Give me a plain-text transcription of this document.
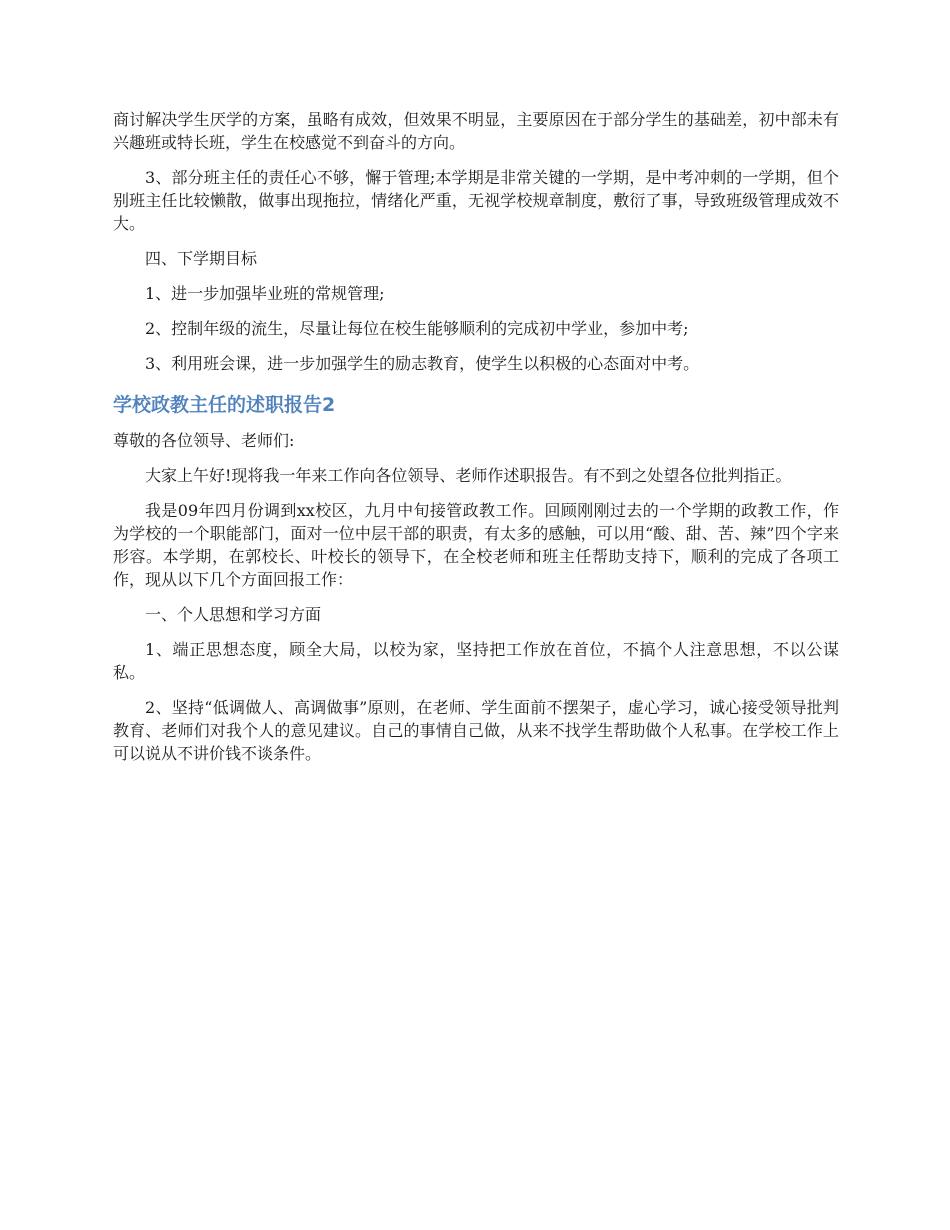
商讨解决学生厌学的方案，虽略有成效，但效果不明显，主要原因在于部分学生的基础差，初中部未有兴趣班或特长班，学生在校感觉不到奋斗的方向。

3、部分班主任的责任心不够，懈于管理;本学期是非常关键的一学期，是中考冲刺的一学期，但个别班主任比较懒散，做事出现拖拉，情绪化严重，无视学校规章制度，敷衍了事，导致班级管理成效不大。

四、下学期目标

1、进一步加强毕业班的常规管理;

2、控制年级的流生，尽量让每位在校生能够顺利的完成初中学业，参加中考;

3、利用班会课，进一步加强学生的励志教育，使学生以积极的心态面对中考。

学校政教主任的述职报告2

尊敬的各位领导、老师们:

大家上午好!现将我一年来工作向各位领导、老师作述职报告。有不到之处望各位批判指正。

我是09年四月份调到xx校区，九月中旬接管政教工作。回顾刚刚过去的一个学期的政教工作，作为学校的一个职能部门，面对一位中层干部的职责，有太多的感触，可以用“酸、甜、苦、辣”四个字来形容。本学期，在郭校长、叶校长的领导下，在全校老师和班主任帮助支持下，顺利的完成了各项工作，现从以下几个方面回报工作：

一、个人思想和学习方面

1、端正思想态度，顾全大局，以校为家，坚持把工作放在首位，不搞个人注意思想，不以公谋私。

2、坚持“低调做人、高调做事”原则，在老师、学生面前不摆架子，虚心学习，诚心接受领导批判教育、老师们对我个人的意见建议。自己的事情自己做，从来不找学生帮助做个人私事。在学校工作上可以说从不讲价钱不谈条件。
